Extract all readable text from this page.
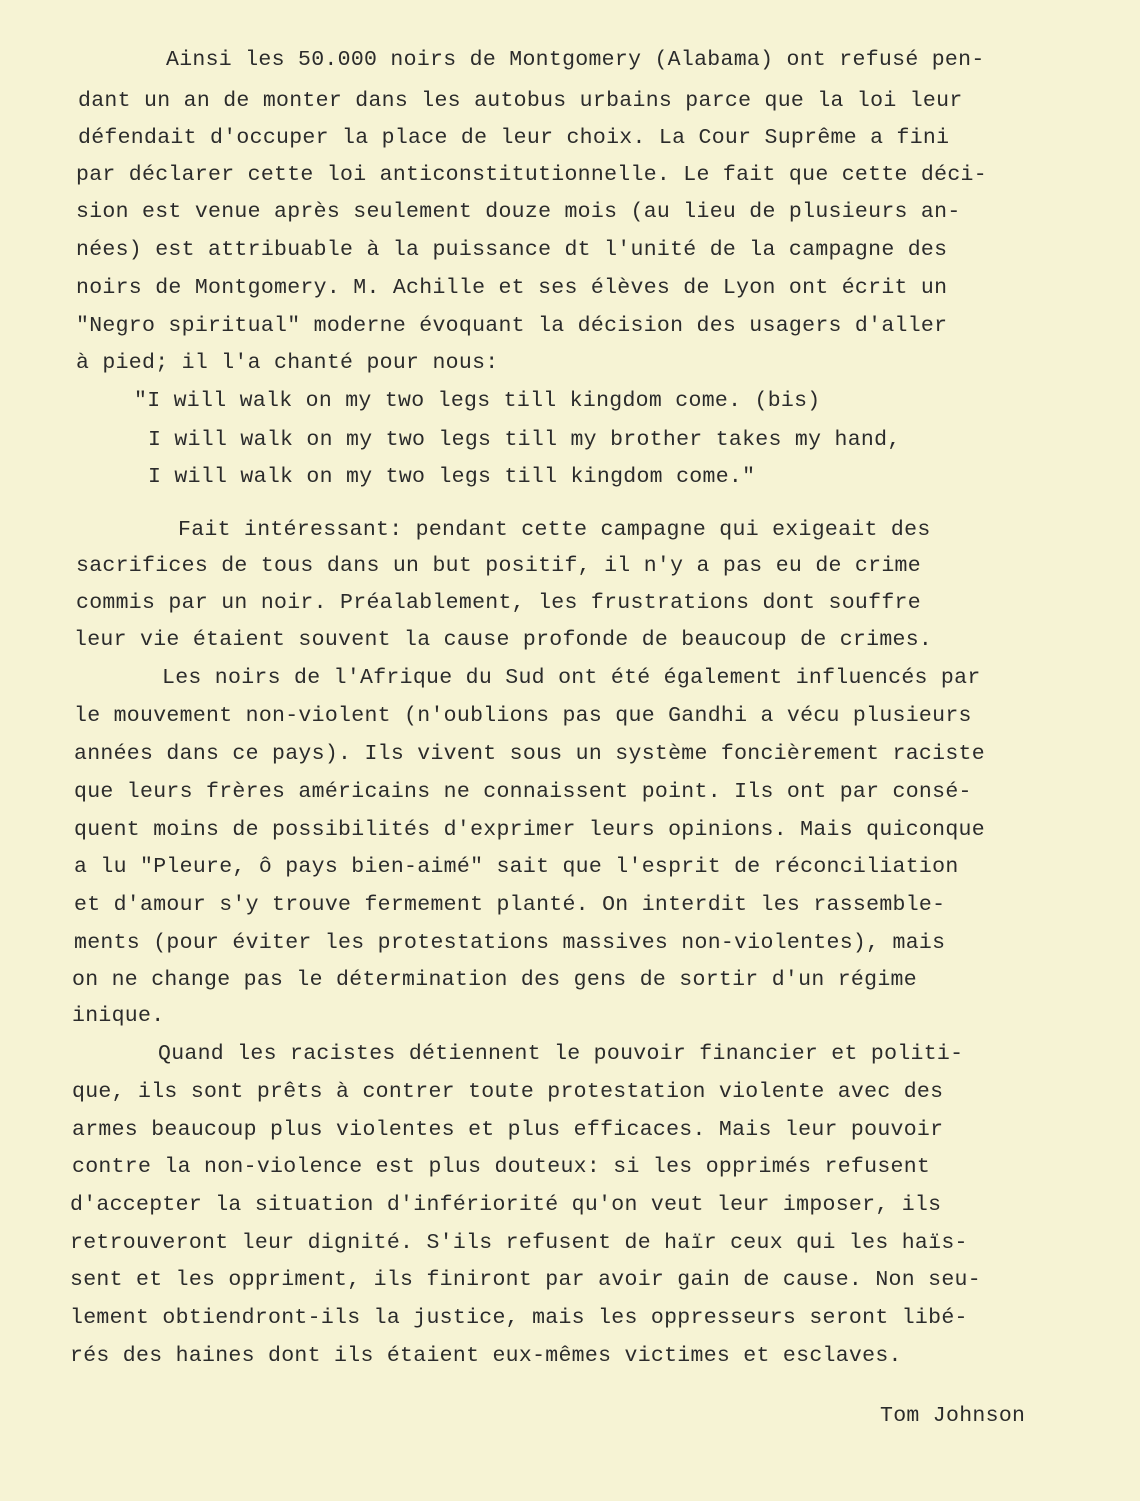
Ainsi les 50.000 noirs de Montgomery (Alabama) ont refusé pen-

dant un an de monter dans les autobus urbains parce que la loi leur

défendait d'occuper la place de leur choix. La Cour Suprême a fini

par déclarer cette loi anticonstitutionnelle. Le fait que cette déci-

sion est venue après seulement douze mois (au lieu de plusieurs an-

nées) est attribuable à la puissance dt l'unité de la campagne des

noirs de Montgomery. M. Achille et ses élèves de Lyon ont écrit un

"Negro spiritual" moderne évoquant la décision des usagers d'aller

à pied; il l'a chanté pour nous:

"I will walk on my two legs till kingdom come. (bis)

I will walk on my two legs till my brother takes my hand,

I will walk on my two legs till kingdom come."

Fait intéressant: pendant cette campagne qui exigeait des

sacrifices de tous dans un but positif, il n'y a pas eu de crime

commis par un noir. Préalablement, les frustrations dont souffre

leur vie étaient souvent la cause profonde de beaucoup de crimes.

Les noirs de l'Afrique du Sud ont été également influencés par

le mouvement non-violent (n'oublions pas que Gandhi a vécu plusieurs

années dans ce pays). Ils vivent sous un système foncièrement raciste

que leurs frères américains ne connaissent point. Ils ont par consé-

quent moins de possibilités d'exprimer leurs opinions. Mais quiconque

a lu "Pleure, ô pays bien-aimé" sait que l'esprit de réconciliation

et d'amour s'y trouve fermement planté. On interdit les rassemble-

ments (pour éviter les protestations massives non-violentes), mais

on ne change pas le détermination des gens de sortir d'un régime

inique.

Quand les racistes détiennent le pouvoir financier et politi-

que, ils sont prêts à contrer toute protestation violente avec des

armes beaucoup plus violentes et plus efficaces. Mais leur pouvoir

contre la non-violence est plus douteux: si les opprimés refusent

d'accepter la situation d'infériorité qu'on veut leur imposer, ils

retrouveront leur dignité. S'ils refusent de haïr ceux qui les haïs-

sent et les oppriment, ils finiront par avoir gain de cause. Non seu-

lement obtiendront-ils la justice, mais les oppresseurs seront libé-

rés des haines dont ils étaient eux-mêmes victimes et esclaves.

Tom Johnson
